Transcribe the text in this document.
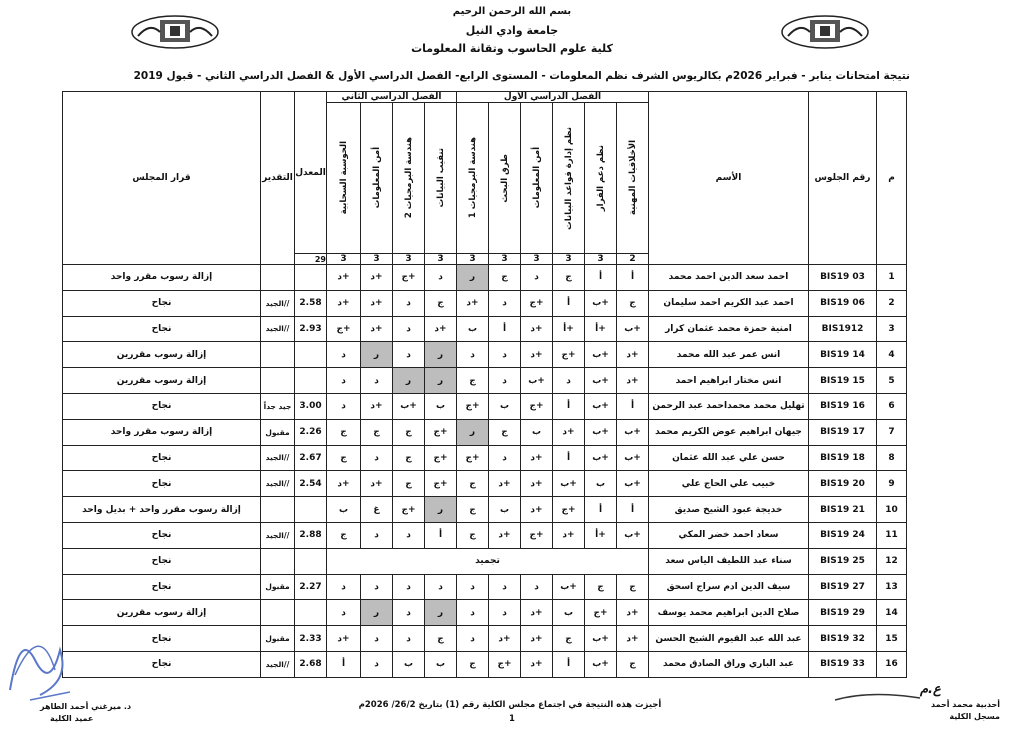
بسم الله الرحمن الرحيم
جامعة وادي النيل
كلية علوم الحاسوب وتقانة المعلومات
نتيجة امتحانات ينابر - فبراير 2026م بكالريوس الشرف نظم المعلومات - المستوى الرابع- الفصل الدراسي الأول & الفصل الدراسي الثاني - قبول 2019
قرار المجلس	التقدير	المعدل	الفصل الدراسي الثاني				الفصل الدراسي الأول						الأسم	رقم الجلوس	م

			الحوسبة السحابية	أمن المعلومات	هندسة البرمجيات 2	تنقيب البيانات	هندسة البرمجيات 1	طرق البحث	أمن المعلومات	نظم إدارة قواعد البيانات	نظم دعم القرار	الأخلاقيات المهنية			

		29	3	3	3	3	3	3	3	3	3	2			
إزالة رسوب مقرر واحد			د+	د+	ج+	د	ر	ج	د	ج	أ	أ	احمد سعد الدين احمد محمد	BIS19 03	1
نجاح	الجيد//	2.58	د+	د+	د	ج	د+	د	ج+	أ	ب+	ج	احمد عبد الكريم احمد سليمان	BIS19 06	2
نجاح	الجيد//	2.93	ج+	د+	د	د+	ب	أ	د+	أ+	أ+	ب+	امنية حمزة محمد عثمان كرار	BIS1912	3
إزالة رسوب مقررين			د	ر	د	ر	د	د	د+	ج+	ب+	د+	انس عمر عبد الله محمد	BIS19 14	4
إزالة رسوب مقررين			د	د	ر	ر	ج	د	ب+	د	ب+	د+	انس مختار ابراهيم احمد	BIS19 15	5
نجاح	جيد جداً	3.00	د	د+	ب+	ب	ج+	ب	ج+	أ	ب+	أ	تهليل محمد محمداحمد عبد الرحمن	BIS19 16	6
إزالة رسوب مقرر واحد	مقبول	2.26	ج	ج	ج	ج+	ر	ج	ب	د+	ب+	ب+	جيهان ابراهيم عوض الكريم محمد	BIS19 17	7
نجاح	الجيد//	2.67	ج	د	ج	ج+	ج+	د	د+	أ	ب+	ب+	حسن علي عبد الله عثمان	BIS19 18	8
نجاح	الجيد//	2.54	د+	د+	ج	ج+	ج	د+	د+	ب+	ب	ب+	خبيب علي الحاج علي	BIS19 20	9
إزالة رسوب مقرر واحد + بديل واحد			ب	غ	ج+	ر	ج	ب	د+	ج+	أ	أ	خديجة عبود الشيخ صديق	BIS19 21	10
نجاح	الجيد//	2.88	ج	د	د	أ	ج	د+	ج+	د+	أ+	ب+	سعاد احمد خضر المكي	BIS19 24	11
نجاح			تجميد										سناء عبد اللطيف الياس سعد	BIS19 25	12
نجاح	مقبول	2.27	د	د	د	د	د	د	د	ب+	ج	ج	سيف الدين ادم سراج اسحق	BIS19 27	13
إزالة رسوب مقررين			د	ر	د	ر	د	د	د+	ب	ج+	د+	صلاح الدين ابراهيم محمد يوسف	BIS19 29	14
نجاح	مقبول	2.33	د+	د	د	ج	د	د+	د+	ج	ب+	د+	عبد الله عبد القيوم الشيخ الحسن	BIS19 32	15
نجاح	الجيد//	2.68	أ	د	ب	ب	ج	ج+	د+	أ	ب+	ج	عبد الباري وراق الصادق محمد	BIS19 33	16
أجيزت هذه النتيجة في اجتماع مجلس الكلية رقم (1) بتاريخ 26/2/ 2026م
1
د. ميرغني أحمد الطاهر
عميد الكلية
أحدبية محمد أحمد
مسجل الكلية
ع.م
